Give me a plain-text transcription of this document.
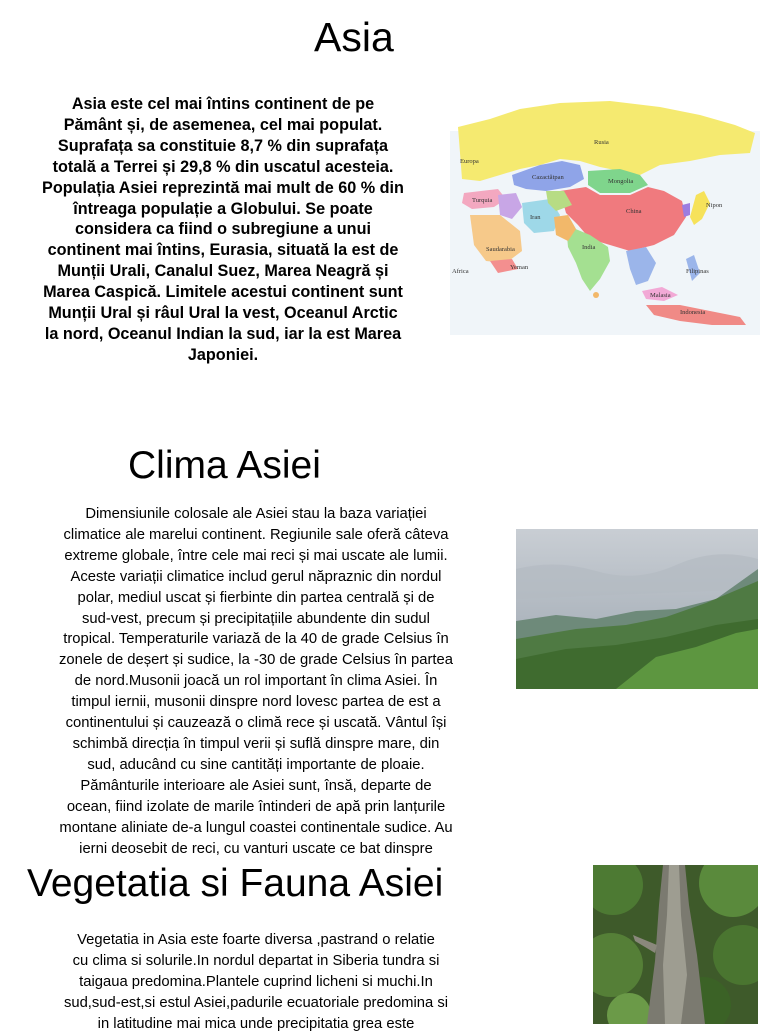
Asia
Asia este cel mai întins continent de pe
Pământ și, de asemenea, cel mai populat.
Suprafața sa constituie 8,7 % din suprafața
totală a Terrei și 29,8 % din uscatul acesteia.
Populația Asiei reprezintă mai mult de 60 % din
întreaga populație a Globului. Se poate
considera ca fiind o subregiune a unui
continent mai întins, Eurasia, situată la est de
Munții Urali, Canalul Suez, Marea Neagră și
Marea Caspică. Limitele acestui continent sunt
Munții Ural și râul Ural la vest, Oceanul Arctic
la nord, Oceanul Indian la sud, iar la est Marea
Japoniei.
Europa
Rusia
Cazactătpan
Mongolia
Turquia
Iran
China
Nipon
India
Saudarabia
Yeman
Filipinas
Malasia
Indonesia
Africa
Clima Asiei
Dimensiunile colosale ale Asiei stau la baza variației
climatice ale marelui continent. Regiunile sale oferă câteva
extreme globale, între cele mai reci și mai uscate ale lumii.
Aceste variații climatice includ gerul năpraznic din nordul
polar, mediul uscat și fierbinte din partea centrală și de
sud-vest, precum și precipitațiile abundente din sudul
tropical. Temperaturile variază de la 40 de grade Celsius în
zonele de deșert și sudice, la -30 de grade Celsius în partea
de nord.Musonii joacă un rol important în clima Asiei. În
timpul iernii, musonii dinspre nord lovesc partea de est a
continentului și cauzează o climă rece și uscată. Vântul își
schimbă direcția în timpul verii și suflă dinspre mare, din
sud, aducând cu sine cantități importante de ploaie.
Pământurile interioare ale Asiei sunt, însă, departe de
ocean, fiind izolate de marile întinderi de apă prin lanțurile
montane aliniate de-a lungul coastei continentale sudice. Au
ierni deosebit de reci, cu vanturi uscate ce bat dinspre
Vegetatia si Fauna Asiei
Vegetatia in Asia este foarte diversa ,pastrand o relatie
cu clima si solurile.In nordul departat in Siberia tundra si
taigaua predomina.Plantele cuprind licheni si muchi.In
sud,sud-est,si estul Asiei,padurile ecuatoriale predomina si
in latitudine mai mica unde precipitatia grea este
